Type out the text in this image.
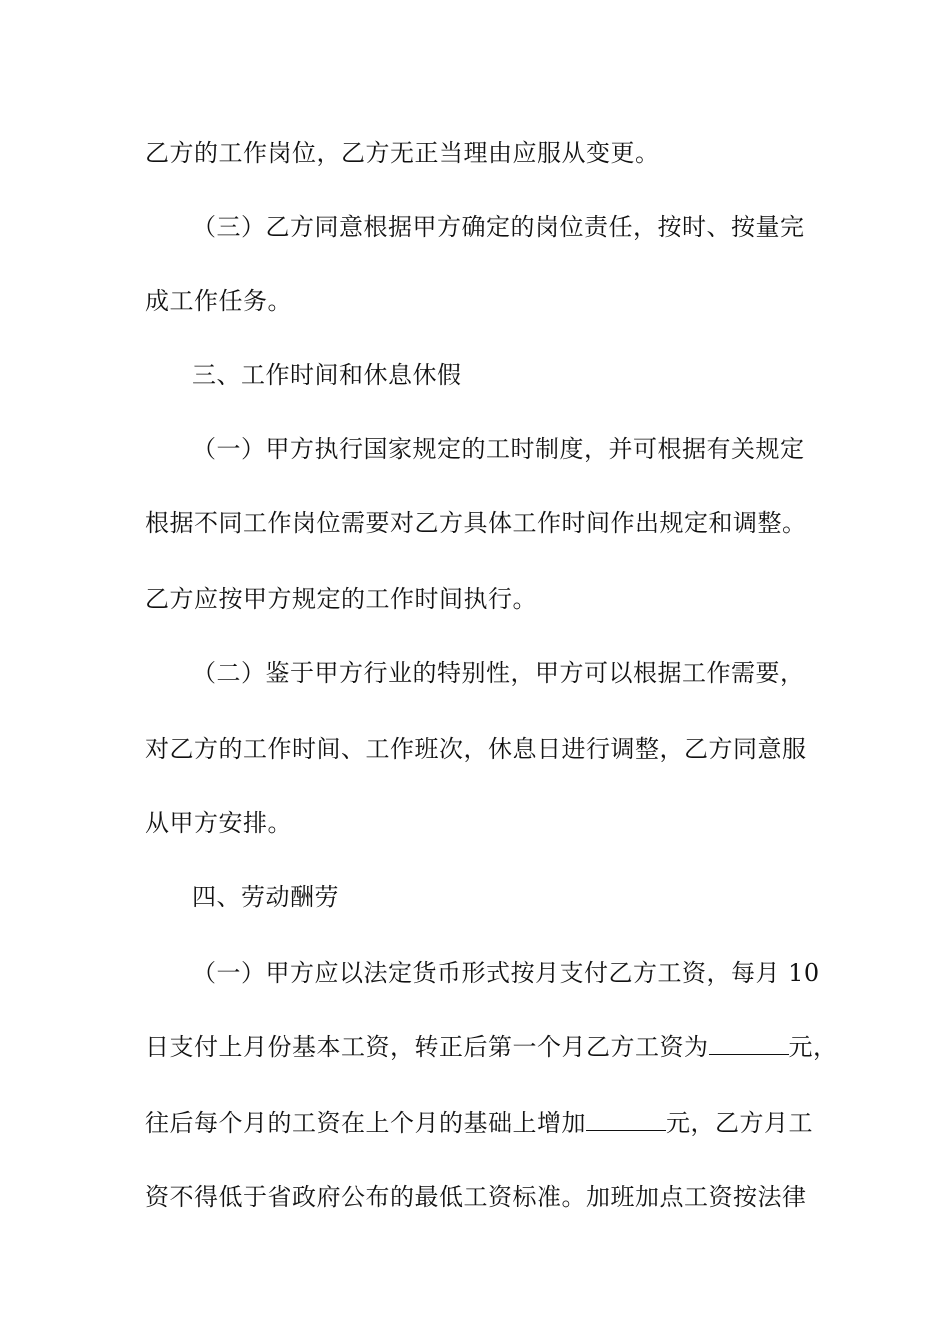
乙方的工作岗位，乙方无正当理由应服从变更。
（三）乙方同意根据甲方确定的岗位责任，按时、按量完
成工作任务。
三、工作时间和休息休假
（一）甲方执行国家规定的工时制度，并可根据有关规定
根据不同工作岗位需要对乙方具体工作时间作出规定和调整。
乙方应按甲方规定的工作时间执行。
（二）鉴于甲方行业的特别性，甲方可以根据工作需要，
对乙方的工作时间、工作班次，休息日进行调整，乙方同意服
从甲方安排。
四、劳动酬劳
（一）甲方应以法定货币形式按月支付乙方工资，每月 10
日支付上月份基本工资，转正后第一个月乙方工资为	元，
往后每个月的工资在上个月的基础上增加	元，乙方月工
资不得低于省政府公布的最低工资标准。加班加点工资按法律
